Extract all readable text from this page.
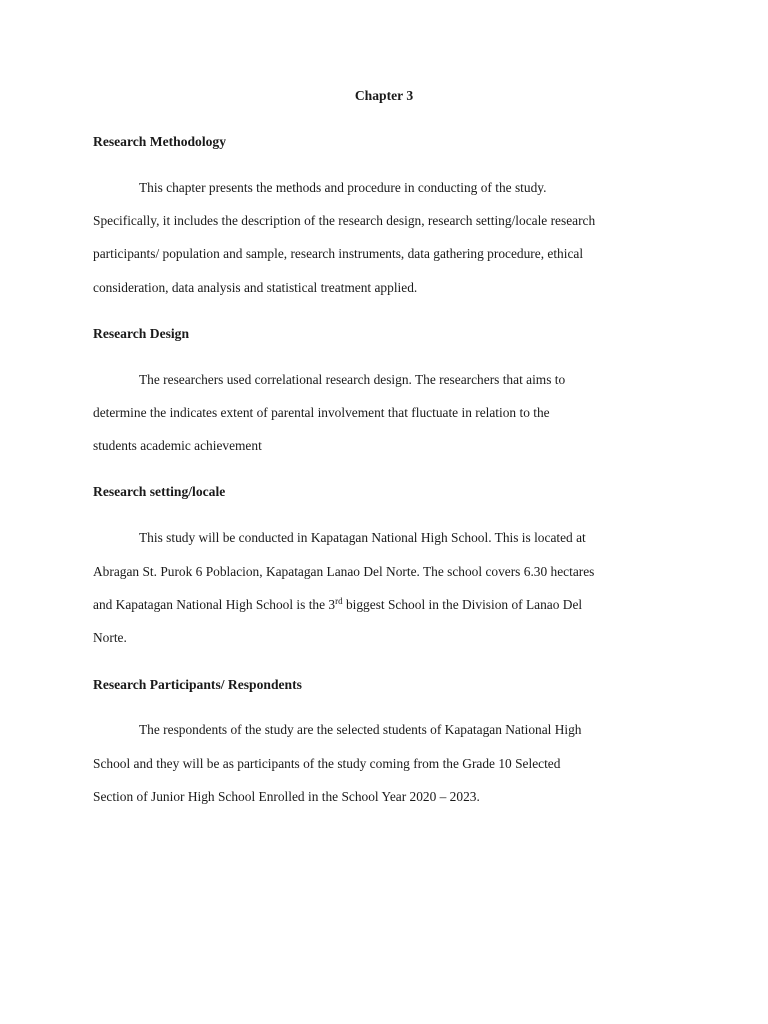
Chapter 3
Research Methodology
This chapter presents the methods and procedure in conducting of the study.
Specifically, it includes the description of the research design, research setting/locale research
participants/ population and sample, research instruments, data gathering procedure, ethical
consideration, data analysis and statistical treatment applied.
Research Design
The researchers used correlational research design. The researchers that aims to
determine the indicates extent of parental involvement that fluctuate in relation to the
students academic achievement
Research setting/locale
This study will be conducted in Kapatagan National High School. This is located at
Abragan St. Purok 6 Poblacion, Kapatagan Lanao Del Norte. The school covers 6.30 hectares
and Kapatagan National High School is the 3rd biggest School in the Division of Lanao Del
Norte.
Research Participants/ Respondents
The respondents of the study are the selected students of Kapatagan National High
School and they will be as participants of the study coming from the Grade 10 Selected
Section of Junior High School Enrolled in the School Year 2020 – 2023.
